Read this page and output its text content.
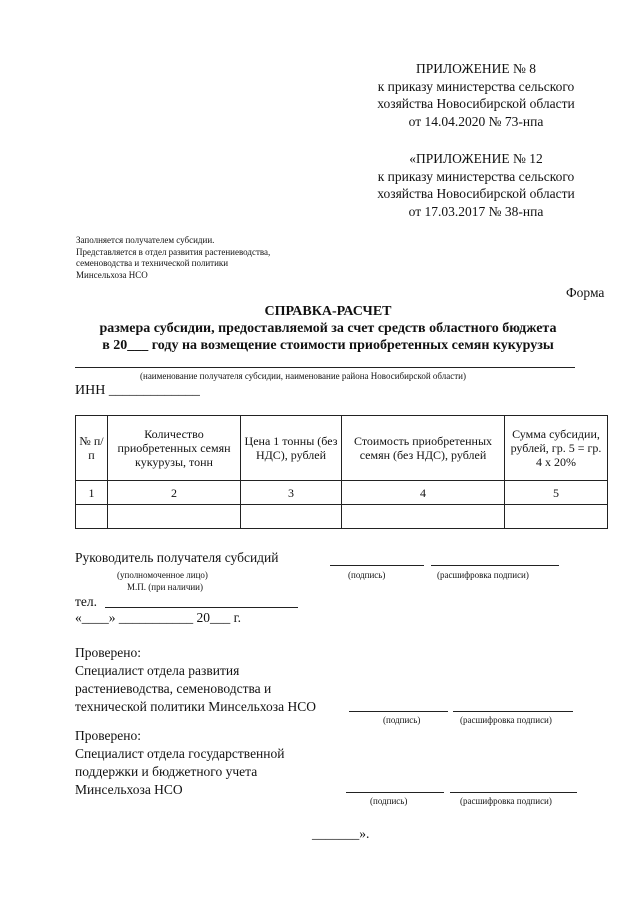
ПРИЛОЖЕНИЕ № 8
к приказу министерства сельского
хозяйства Новосибирской области
от 14.04.2020 № 73-нпа
«ПРИЛОЖЕНИЕ № 12
к приказу министерства сельского
хозяйства Новосибирской области
от 17.03.2017 № 38-нпа
Заполняется получателем субсидии.
Представляется в отдел развития растениеводства,
семеноводства и технической политики
Минсельхоза НСО
Форма
СПРАВКА-РАСЧЕТ
размера субсидии, предоставляемой за счет средств областного бюджета
в 20___ году на возмещение стоимости приобретенных семян кукурузы
(наименование получателя субсидии, наименование района Новосибирской области)
ИНН _____________
№ п/п	Количество приобретенных семян кукурузы, тонн	Цена 1 тонны (без НДС), рублей	Стоимость приобретенных семян (без НДС), рублей	Сумма субсидии, рублей, гр. 5 = гр. 4 x 20%
1	2	3	4	5

Руководитель получателя субсидий
(уполномоченное лицо)	(подпись)	(расшифровка подписи)
М.П. (при наличии)
тел.
«____» ___________ 20___ г.
Проверено:
Специалист отдела развития
растениеводства, семеноводства и
технической политики Минсельхоза НСО
(подпись)	(расшифровка подписи)
Проверено:
Специалист отдела государственной
поддержки и бюджетного учета
Минсельхоза НСО
(подпись)	(расшифровка подписи)
_______».
